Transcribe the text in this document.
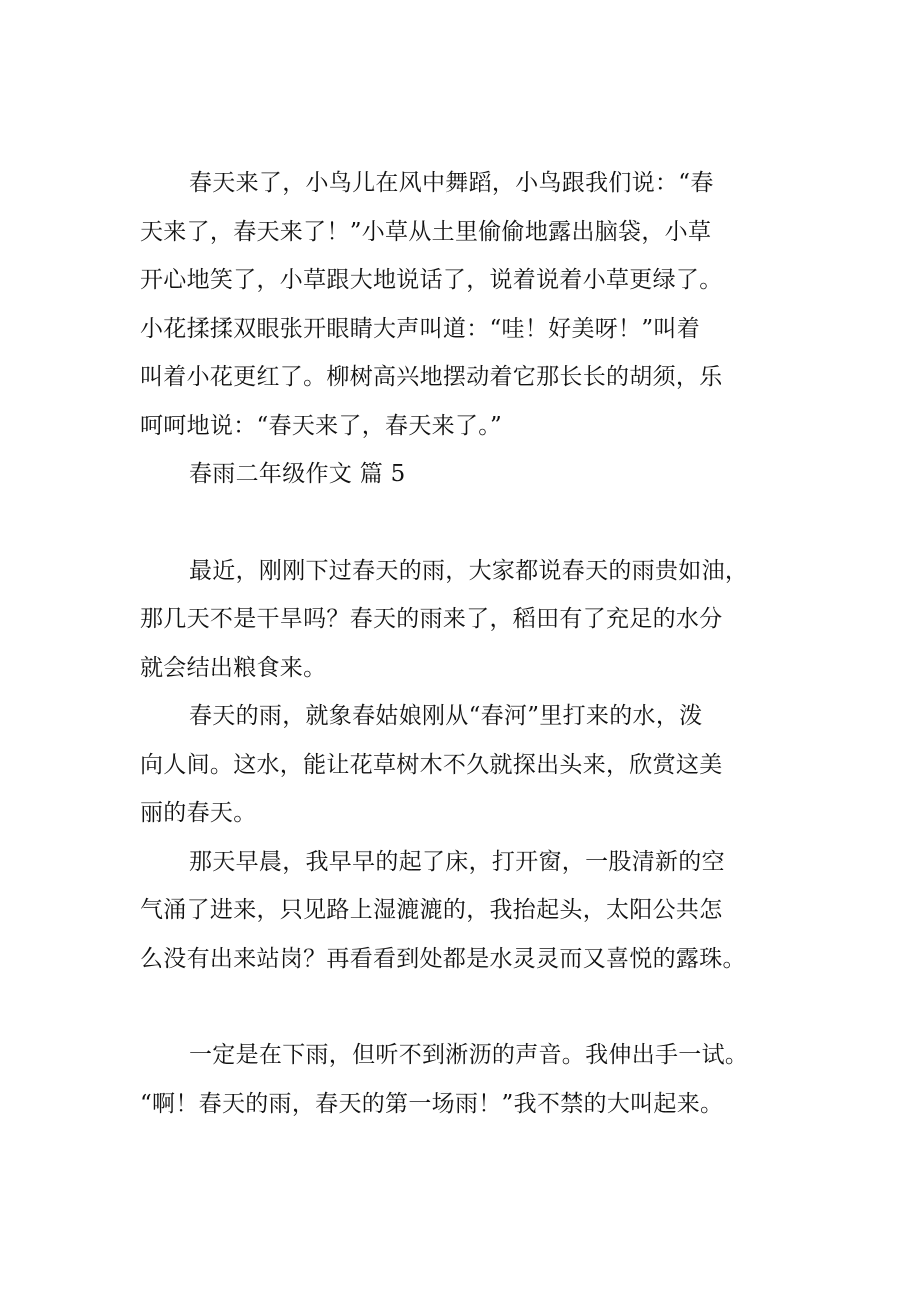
春天来了，小鸟儿在风中舞蹈，小鸟跟我们说：“春
天来了，春天来了！”小草从土里偷偷地露出脑袋，小草
开心地笑了，小草跟大地说话了，说着说着小草更绿了。
小花揉揉双眼张开眼睛大声叫道：“哇！好美呀！”叫着
叫着小花更红了。柳树高兴地摆动着它那长长的胡须，乐
呵呵地说：“春天来了，春天来了。”
春雨二年级作文 篇 5
最近，刚刚下过春天的雨，大家都说春天的雨贵如油，
那几天不是干旱吗？春天的雨来了，稻田有了充足的水分
就会结出粮食来。
春天的雨，就象春姑娘刚从“春河”里打来的水，泼
向人间。这水，能让花草树木不久就探出头来，欣赏这美
丽的春天。
那天早晨，我早早的起了床，打开窗，一股清新的空
气涌了进来，只见路上湿漉漉的，我抬起头，太阳公共怎
么没有出来站岗？再看看到处都是水灵灵而又喜悦的露珠。
一定是在下雨，但听不到淅沥的声音。我伸出手一试。
“啊！春天的雨，春天的第一场雨！”我不禁的大叫起来。
